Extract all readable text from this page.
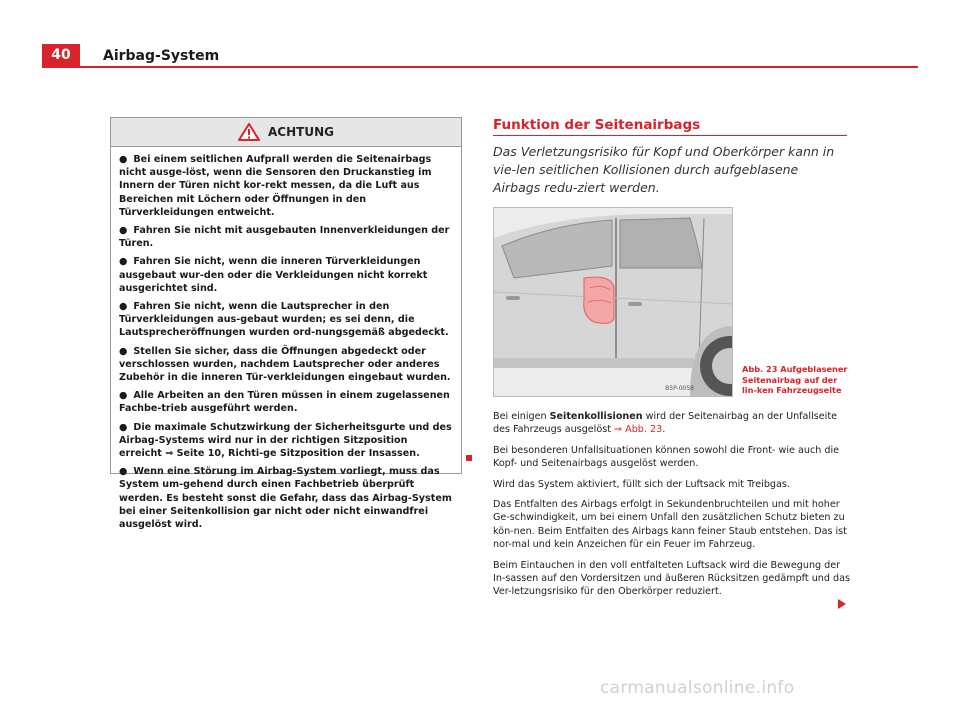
40	Airbag-System
ACHTUNG

● Bei einem seitlichen Aufprall werden die Seitenairbags nicht ausge-löst, wenn die Sensoren den Druckanstieg im Innern der Türen nicht kor-rekt messen, da die Luft aus Bereichen mit Löchern oder Öffnungen in den Türverkleidungen entweicht.

● Fahren Sie nicht mit ausgebauten Innenverkleidungen der Türen.

● Fahren Sie nicht, wenn die inneren Türverkleidungen ausgebaut wur-den oder die Verkleidungen nicht korrekt ausgerichtet sind.

● Fahren Sie nicht, wenn die Lautsprecher in den Türverkleidungen aus-gebaut wurden; es sei denn, die Lautsprecheröffnungen wurden ord-nungsgemäß abgedeckt.

● Stellen Sie sicher, dass die Öffnungen abgedeckt oder verschlossen wurden, nachdem Lautsprecher oder anderes Zubehör in die inneren Tür-verkleidungen eingebaut wurden.

● Alle Arbeiten an den Türen müssen in einem zugelassenen Fachbe-trieb ausgeführt werden.

● Die maximale Schutzwirkung der Sicherheitsgurte und des Airbag-Systems wird nur in der richtigen Sitzposition erreicht ⇒ Seite 10, Richti-ge Sitzposition der Insassen.

● Wenn eine Störung im Airbag-System vorliegt, muss das System um-gehend durch einen Fachbetrieb überprüft werden. Es besteht sonst die Gefahr, dass das Airbag-System bei einer Seitenkollision gar nicht oder nicht einwandfrei ausgelöst wird.

Funktion der Seitenairbags
Das Verletzungsrisiko für Kopf und Oberkörper kann in vie-len seitlichen Kollisionen durch aufgeblasene Airbags redu-ziert werden.
B5P-0058
Abb. 23 Aufgeblasener Seitenairbag auf der lin-ken Fahrzeugseite

Bei einigen Seitenkollisionen wird der Seitenairbag an der Unfallseite des Fahrzeugs ausgelöst ⇒ Abb. 23.

Bei besonderen Unfallsituationen können sowohl die Front- wie auch die Kopf- und Seitenairbags ausgelöst werden.

Wird das System aktiviert, füllt sich der Luftsack mit Treibgas.

Das Entfalten des Airbags erfolgt in Sekundenbruchteilen und mit hoher Ge-schwindigkeit, um bei einem Unfall den zusätzlichen Schutz bieten zu kön-nen. Beim Entfalten des Airbags kann feiner Staub entstehen. Das ist nor-mal und kein Anzeichen für ein Feuer im Fahrzeug.

Beim Eintauchen in den voll entfalteten Luftsack wird die Bewegung der In-sassen auf den Vordersitzen und äußeren Rücksitzen gedämpft und das Ver-letzungsrisiko für den Oberkörper reduziert.

carmanualsonline.info
